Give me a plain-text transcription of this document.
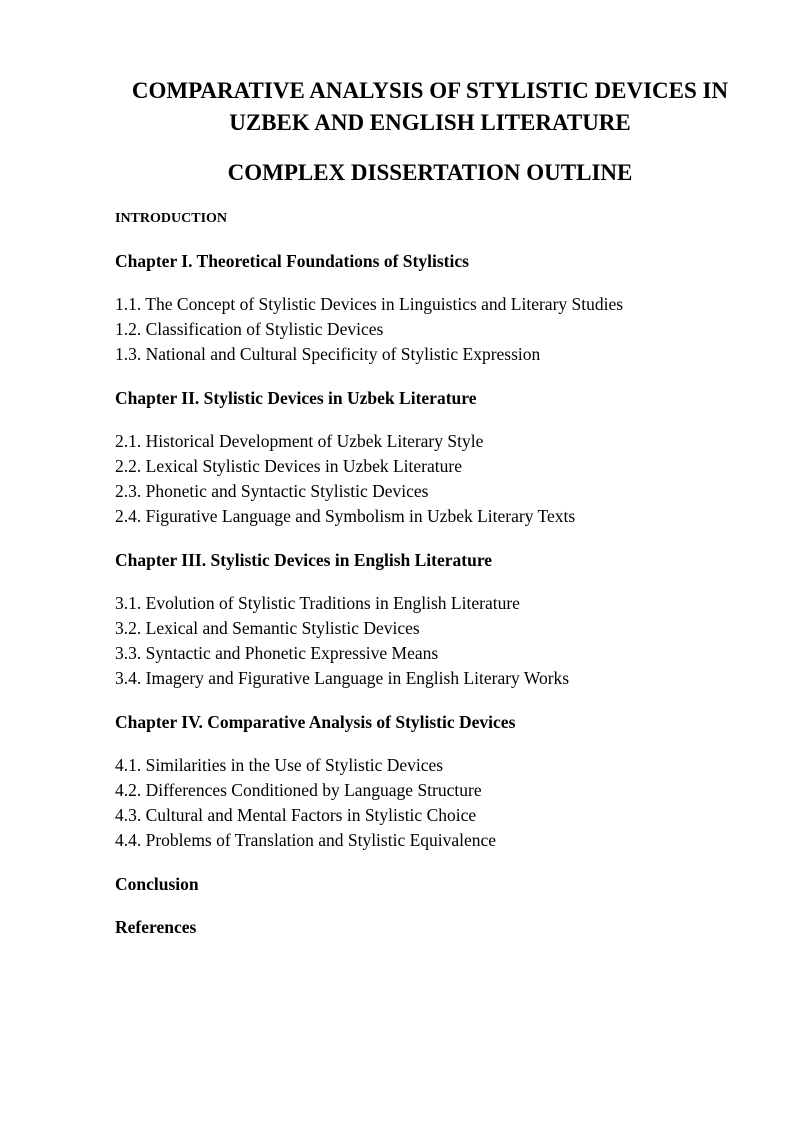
COMPARATIVE ANALYSIS OF STYLISTIC DEVICES IN UZBEK AND ENGLISH LITERATURE
COMPLEX DISSERTATION OUTLINE
INTRODUCTION
Chapter I. Theoretical Foundations of Stylistics
1.1. The Concept of Stylistic Devices in Linguistics and Literary Studies
1.2. Classification of Stylistic Devices
1.3. National and Cultural Specificity of Stylistic Expression
Chapter II. Stylistic Devices in Uzbek Literature
2.1. Historical Development of Uzbek Literary Style
2.2. Lexical Stylistic Devices in Uzbek Literature
2.3. Phonetic and Syntactic Stylistic Devices
2.4. Figurative Language and Symbolism in Uzbek Literary Texts
Chapter III. Stylistic Devices in English Literature
3.1. Evolution of Stylistic Traditions in English Literature
3.2. Lexical and Semantic Stylistic Devices
3.3. Syntactic and Phonetic Expressive Means
3.4. Imagery and Figurative Language in English Literary Works
Chapter IV. Comparative Analysis of Stylistic Devices
4.1. Similarities in the Use of Stylistic Devices
4.2. Differences Conditioned by Language Structure
4.3. Cultural and Mental Factors in Stylistic Choice
4.4. Problems of Translation and Stylistic Equivalence
Conclusion
References
